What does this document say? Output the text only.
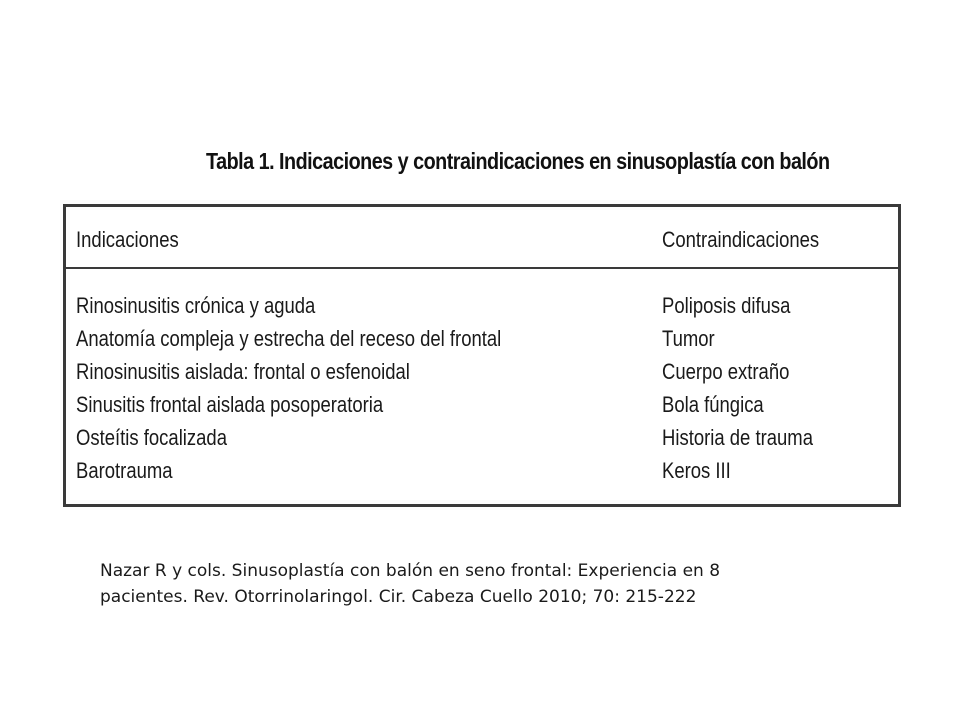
Tabla 1. Indicaciones y contraindicaciones en sinusoplastía con balón
Indicaciones	Contraindicaciones
Rinosinusitis crónica y aguda
Anatomía compleja y estrecha del receso del frontal
Rinosinusitis aislada: frontal o esfenoidal
Sinusitis frontal aislada posoperatoria
Osteítis focalizada
Barotrauma
Poliposis difusa
Tumor
Cuerpo extraño
Bola fúngica
Historia de trauma
Keros III
Nazar R y cols. Sinusoplastía con balón en seno frontal: Experiencia en 8
pacientes. Rev. Otorrinolaringol. Cir. Cabeza Cuello 2010; 70: 215-222
